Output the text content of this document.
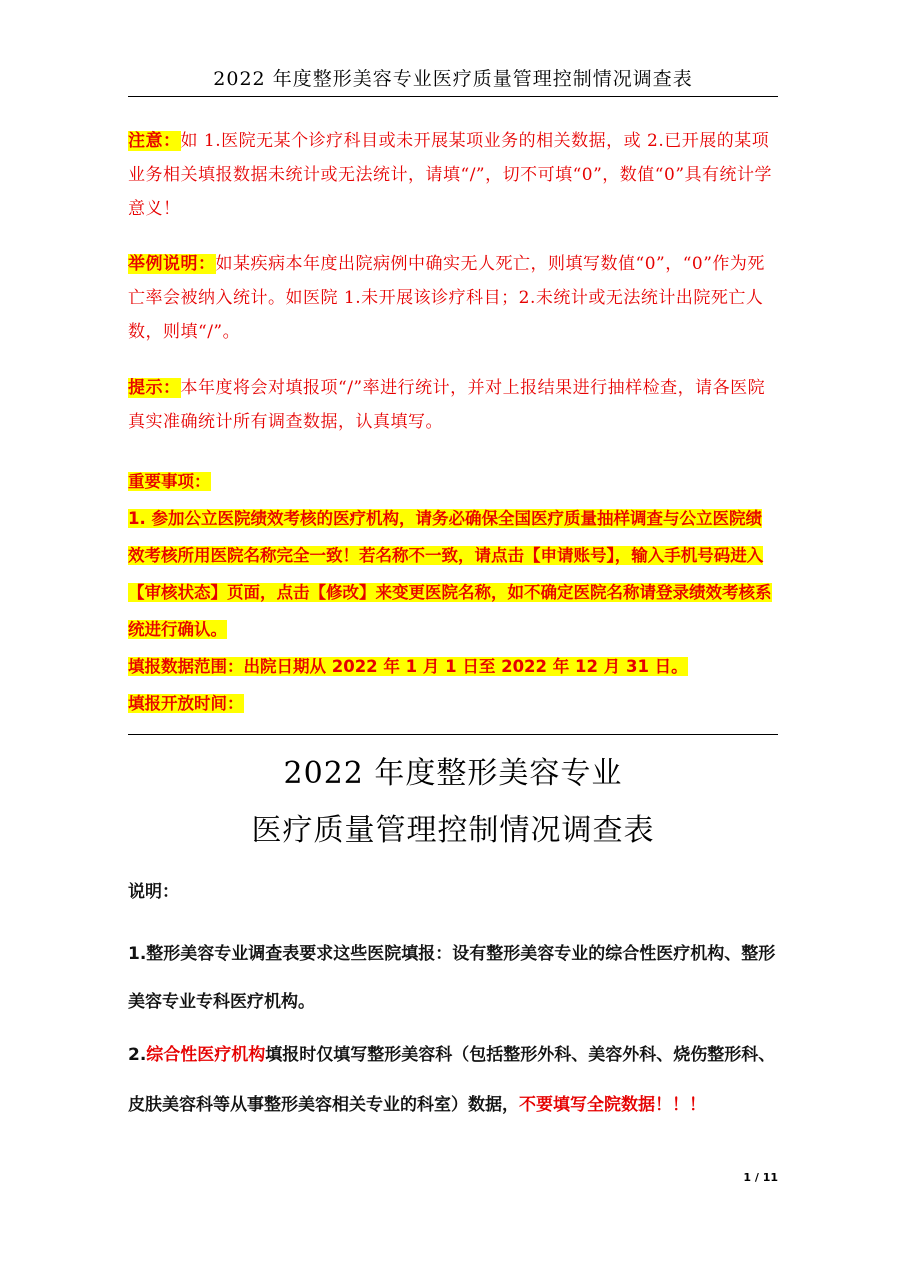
2022 年度整形美容专业医疗质量管理控制情况调查表
注意：如 1.医院无某个诊疗科目或未开展某项业务的相关数据，或 2.已开展的某项业务相关填报数据未统计或无法统计，请填“/”，切不可填“0”，数值“0”具有统计学意义！
举例说明：如某疾病本年度出院病例中确实无人死亡，则填写数值“0”，“0”作为死亡率会被纳入统计。如医院 1.未开展该诊疗科目；2.未统计或无法统计出院死亡人数，则填“/”。
提示：本年度将会对填报项“/”率进行统计，并对上报结果进行抽样检查，请各医院真实准确统计所有调查数据，认真填写。

重要事项：

1. 参加公立医院绩效考核的医疗机构，请务必确保全国医疗质量抽样调查与公立医院绩效考核所用医院名称完全一致！若名称不一致，请点击【申请账号】，输入手机号码进入【审核状态】页面，点击【修改】来变更医院名称，如不确定医院名称请登录绩效考核系统进行确认。

填报数据范围：出院日期从 2022 年 1 月 1 日至 2022 年 12 月 31 日。

填报开放时间：

2022 年度整形美容专业
医疗质量管理控制情况调查表
说明：

1.整形美容专业调查表要求这些医院填报：设有整形美容专业的综合性医疗机构、整形美容专业专科医疗机构。

2.综合性医疗机构填报时仅填写整形美容科（包括整形外科、美容外科、烧伤整形科、皮肤美容科等从事整形美容相关专业的科室）数据，不要填写全院数据！！！

1 / 11
